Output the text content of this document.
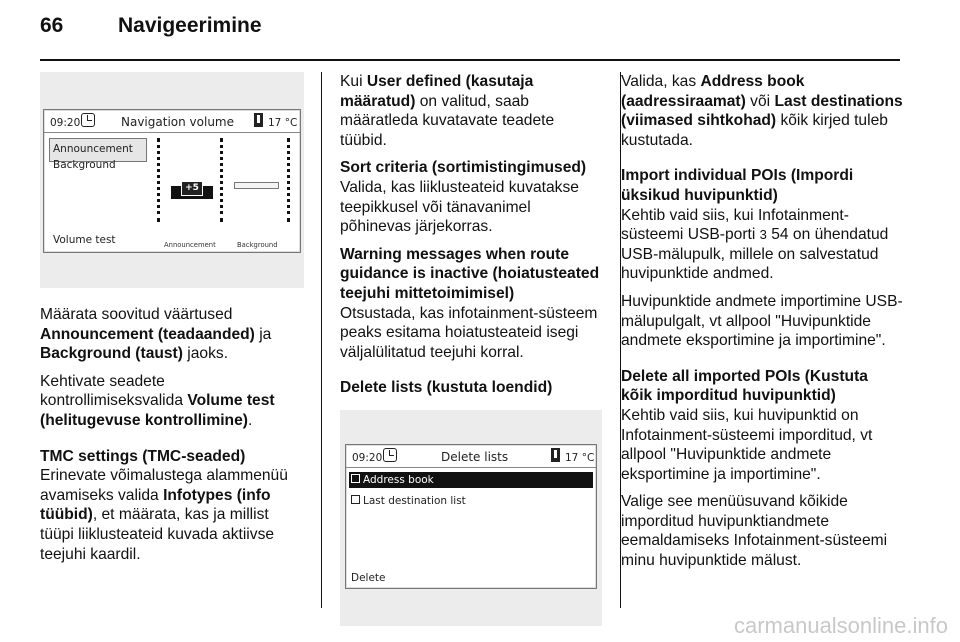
66	Navigeerimine
09:20	Navigation volume	17 °C
Announcement
Background
Volume test
+5
Announcement	Background

Määrata soovitud väärtused
Announcement (teadaanded) ja
Background (taust) jaoks.

Kehtivate seadete kontrollimiseksvalida Volume test (helitugevuse kontrollimine).

TMC settings (TMC-seaded)

Erinevate võimalustega alammenüü avamiseks valida Infotypes (info tüübid), et määrata, kas ja millist tüüpi liiklusteateid kuvada aktiivse teejuhi kaardil.

Kui User defined (kasutaja määratud) on valitud, saab määratleda kuvatavate teadete tüübid.

Sort criteria (sortimistingimused)

Valida, kas liiklusteateid kuvatakse teepikkusel või tänavanimel põhinevas järjekorras.

Warning messages when route guidance is inactive (hoiatusteated teejuhi mittetoimimisel)

Otsustada, kas infotainment-süsteem peaks esitama hoiatusteateid isegi väljalülitatud teejuhi korral.

Delete lists (kustuta loendid)
09:20	Delete lists	17 °C
Address book
Last destination list
Delete

Valida, kas Address book (aadressiraamat) või Last destinations (viimased sihtkohad) kõik kirjed tuleb kustutada.

Import individual POIs (Impordi üksikud huvipunktid)

Kehtib vaid siis, kui Infotainment-süsteemi USB-porti 3 54 on ühendatud USB-mälupulk, millele on salvestatud huvipunktide andmed.

Huvipunktide andmete importimine USB-mälupulgalt, vt allpool "Huvipunktide andmete eksportimine ja importimine".

Delete all imported POIs (Kustuta kõik imporditud huvipunktid)

Kehtib vaid siis, kui huvipunktid on Infotainment-süsteemi imporditud, vt allpool "Huvipunktide andmete eksportimine ja importimine".

Valige see menüüsuvand kõikide imporditud huvipunktiandmete eemaldamiseks Infotainment-süsteemi minu huvipunktide mälust.

carmanualsonline.info
